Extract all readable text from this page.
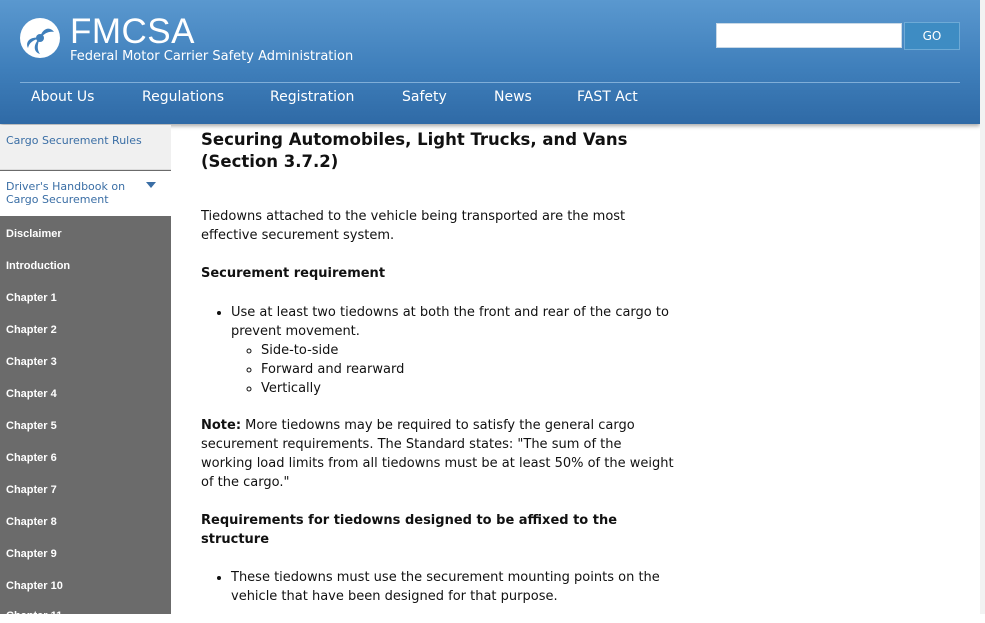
FMCSA
Federal Motor Carrier Safety Administration
GO
About Us	Regulations	Registration	Safety	News	FAST Act
Cargo Securement Rules
Driver's Handbook on Cargo Securement
Disclaimer
Introduction
Chapter 1
Chapter 2
Chapter 3
Chapter 4
Chapter 5
Chapter 6
Chapter 7
Chapter 8
Chapter 9
Chapter 10
Chapter 11
Securing Automobiles, Light Trucks, and Vans (Section 3.7.2)

Tiedowns attached to the vehicle being transported are the most effective securement system.

Securement requirement
• Use at least two tiedowns at both the front and rear of the cargo to prevent movement.
◦ Side-to-side
◦ Forward and rearward
◦ Vertically

Note: More tiedowns may be required to satisfy the general cargo securement requirements. The Standard states: "The sum of the working load limits from all tiedowns must be at least 50% of the weight of the cargo."

Requirements for tiedowns designed to be affixed to the structure
• These tiedowns must use the securement mounting points on the vehicle that have been designed for that purpose.
